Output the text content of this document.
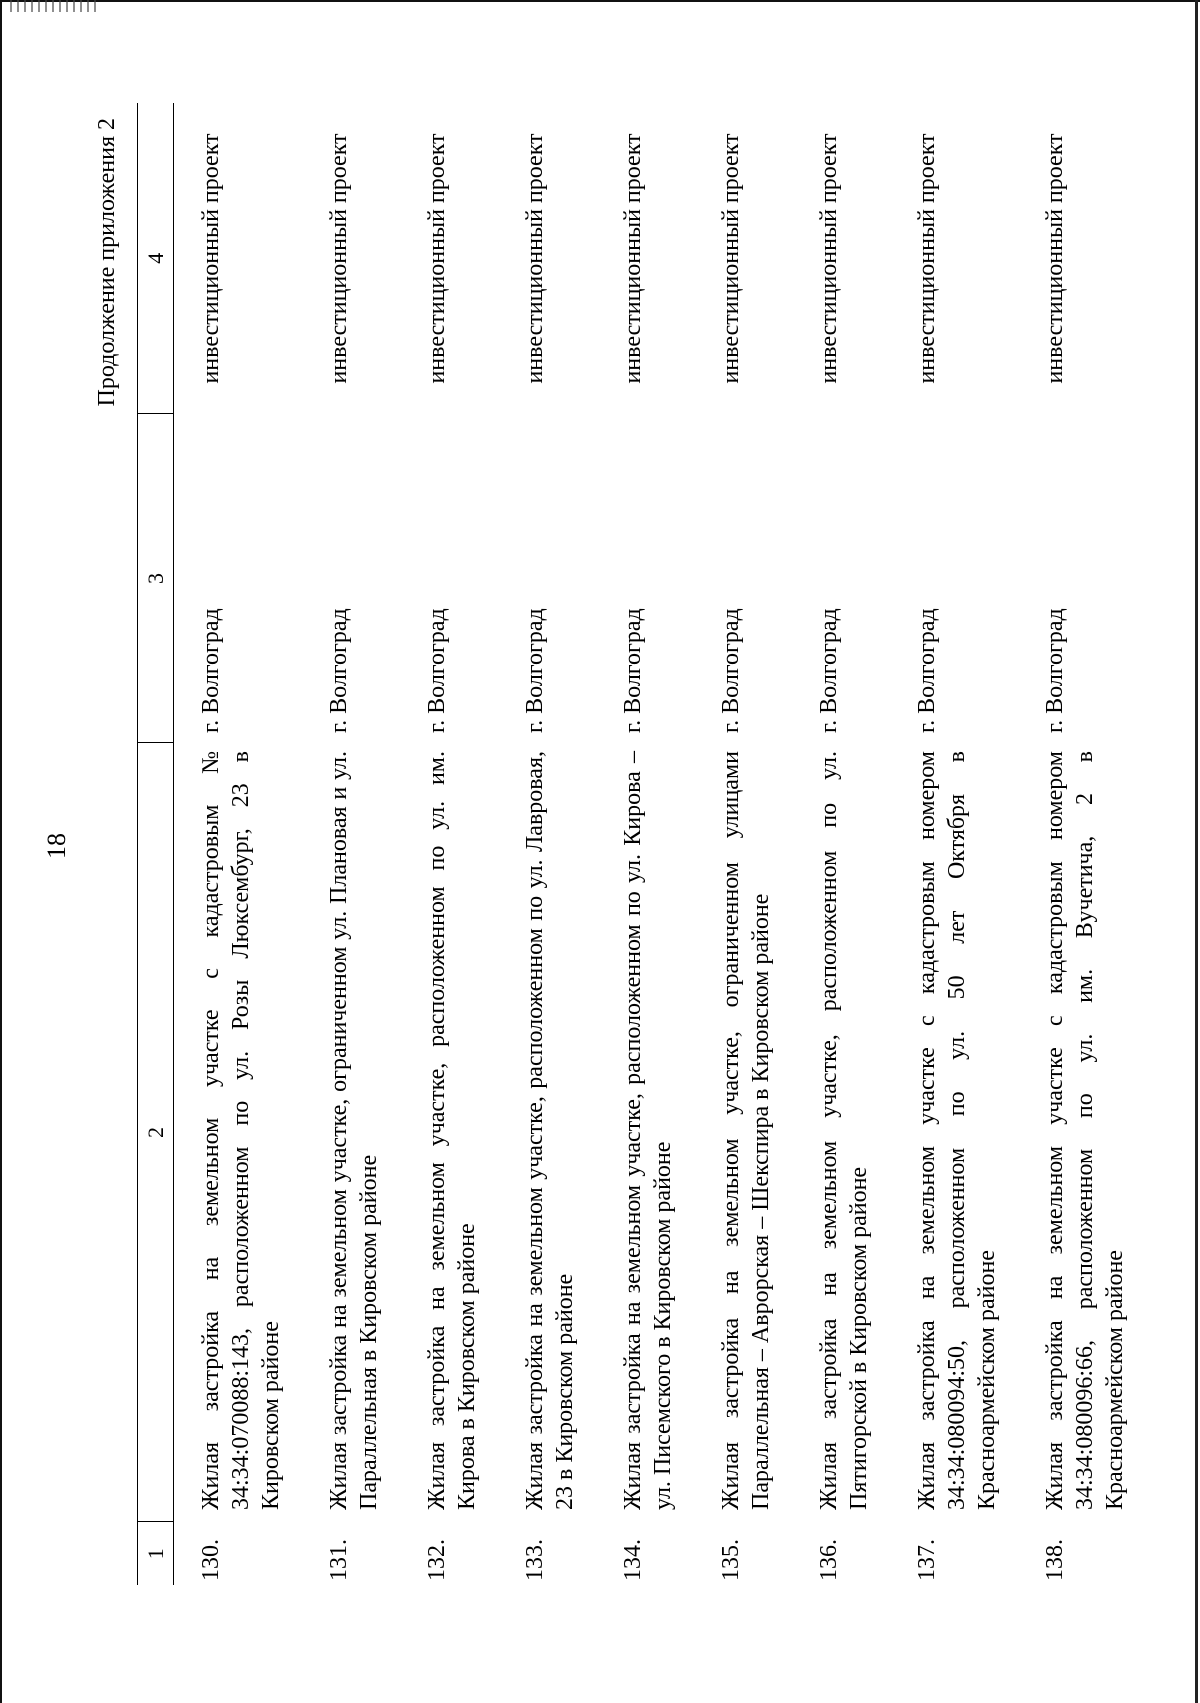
18
Продолжение приложения 2
1	2	3	4
130.	Жилая застройка на земельном участке с кадастровым № 34:34:070088:143, расположенном по ул. Розы Люксембург, 23 в Кировском районе	г. Волгоград	инвестиционный проект
131.	Жилая застройка на земельном участке, ограниченном ул. Плановая и ул. Параллельная в Кировском районе	г. Волгоград	инвестиционный проект
132.	Жилая застройка на земельном участке, расположенном по ул. им. Кирова в Кировском районе	г. Волгоград	инвестиционный проект
133.	Жилая застройка на земельном участке, расположенном по ул. Лавровая, 23 в Кировском районе	г. Волгоград	инвестиционный проект
134.	Жилая застройка на земельном участке, расположенном по ул. Кирова – ул. Писемского в Кировском районе	г. Волгоград	инвестиционный проект
135.	Жилая застройка на земельном участке, ограниченном улицами Параллельная – Аврорская – Шекспира в Кировском районе	г. Волгоград	инвестиционный проект
136.	Жилая застройка на земельном участке, расположенном по ул. Пятигорской в Кировском районе	г. Волгоград	инвестиционный проект
137.	Жилая застройка на земельном участке с кадастровым номером 34:34:080094:50, расположенном по ул. 50 лет Октября в Красноармейском районе	г. Волгоград	инвестиционный проект
138.	Жилая застройка на земельном участке с кадастровым номером 34:34:080096:66, расположенном по ул. им. Вучетича, 2 в Красноармейском районе	г. Волгоград	инвестиционный проект
